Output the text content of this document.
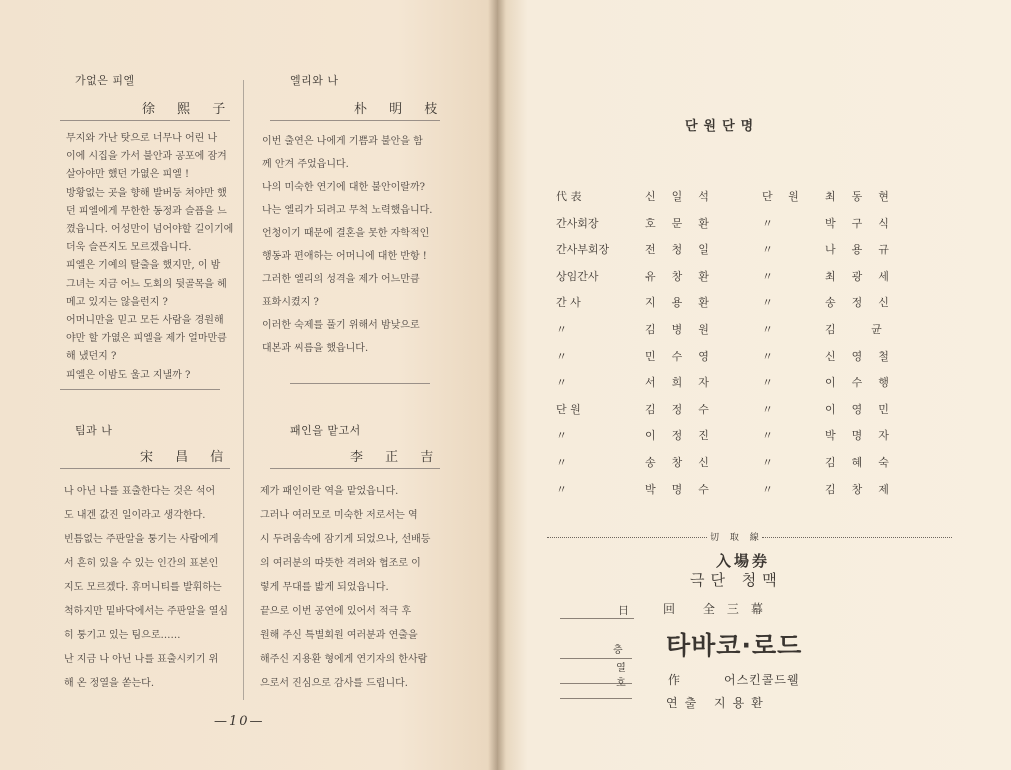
가없은 피엘
徐 熙 子
무지와 가난 탓으로 너무나 어린 나
이에 시집을 가서 불안과 공포에 잠겨
살아야만 했던 가엾은 피엘 !
방황없는 곳을 향해 발버둥 쳐야만 했
던 피엘에게 무한한 동정과 슬픔을 느
꼈읍니다. 어성만이 넘어야할 길이기에
더욱 슬픈지도 모르겠읍니다.
피엘은 기예의 탈출을 했지만, 이 밤
그녀는 지금 어느 도회의 뒷골목을 헤
메고 있지는 않을런지 ?
어머니만을 믿고 모든 사람을 경원해
야만 할 가엾은 피엘을 제가 얼마만큼
해 냈던지 ?
피엘은 이밤도 울고 지낼까 ?
엘리와 나
朴 明 枝
이번 출연은 나에게 기쁨과 불안을 함
께 안겨 주었읍니다.
나의 미숙한 연기에 대한 불안이랄까?
나는 엘리가 되려고 무척 노력했읍니다.
언청이기 때문에 결혼을 못한 자학적인
행동과 편애하는 어머니에 대한 반항 !
그러한 엘리의 성격을 제가 어느만큼
표화시켰지 ?
이러한 숙제를 풀기 위해서 밤낮으로
대본과 씨름을 했읍니다.
팀과 나
宋 昌 信
나 아닌 나를 표출한다는 것은 석어
도 내겐 값진 일이라고 생각한다.
빈틈없는 주판알을 퉁기는 사람에게
서 흔히 있을 수 있는 인간의 표본인
지도 모르겠다. 휴머니티를 발휘하는
척하지만 밑바닥에서는 주판알을 열심
히 퉁기고 있는 팀으로……
난 지금 나 아닌 나를 표출시키기 위
해 온 정열을 쏟는다.
패인을 맡고서
李 正 吉
제가 패인이란 역을 맡었읍니다.
그러나 여러모로 미숙한 저로서는 역
시 두려움속에 잠기게 되었으나, 선배등
의 여러분의 따뜻한 격려와 협조로 이
렇게 무대를 밟게 되었읍니다.
끝으로 이번 공연에 있어서 적극 후
원해 주신 특별회원 여러분과 연출을
해주신 지용환 형에게 연기자의 한사람
으로서 진심으로 감사를 드립니다.
—10—
단원단명
代 表	신일석	단 원 최동현
간사회장	호문환	〃	박구식
간사부회장	전청일	〃	나용규
상임간사	유창환	〃	최광세
간 사	지용환	〃	송정신
〃	김병원	〃	김 균
〃	민수영	〃	신영철
〃	서희자	〃	이수행
단 원	김정수	〃	이영민
〃	이정진	〃	박명자
〃	송창신	〃	김혜숙
〃	박명수	〃	김창제
切 取 線
入場券
극단 청맥
日	回 全三幕
층 타바코·로드
열
호	作	어스킨콜드웰
연출 지용환
